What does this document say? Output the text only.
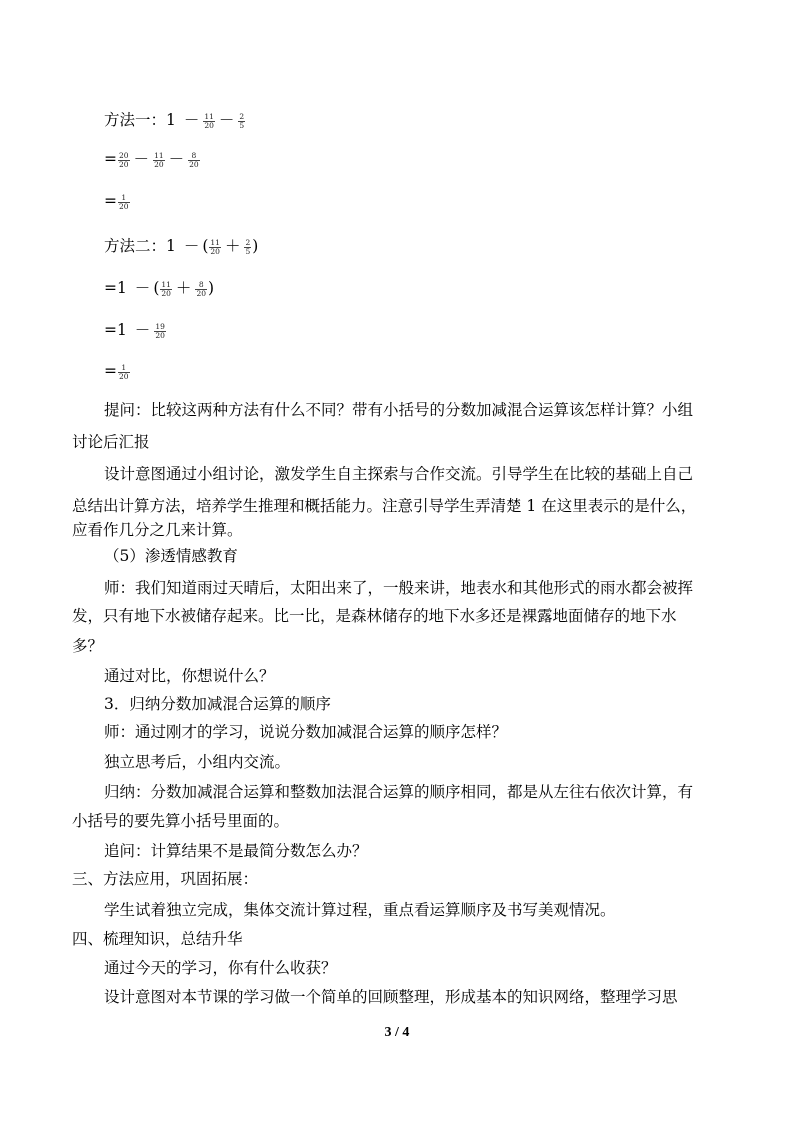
方法一：$1 - \frac{11}{20} - \frac{2}{5}$
= $\frac{20}{20} - \frac{11}{20} - \frac{8}{20}$
= $\frac{1}{20}$
方法二：1 － ( $\frac{11}{20} + \frac{2}{5}$ )
=1 － ( $\frac{11}{20} + \frac{8}{20}$ )
$=1 - \frac{19}{20}$
= $\frac{1}{20}$
提问：比较这两种方法有什么不同？带有小括号的分数加减混合运算该怎样计算？小组
讨论后汇报
设计意图通过小组讨论，激发学生自主探索与合作交流。引导学生在比较的基础上自己
总结出计算方法，培养学生推理和概括能力。注意引导学生弄清楚 1 在这里表示的是什么，
应看作几分之几来计算。
（5）渗透情感教育
师：我们知道雨过天晴后，太阳出来了，一般来讲，地表水和其他形式的雨水都会被挥
发，只有地下水被储存起来。比一比，是森林储存的地下水多还是裸露地面储存的地下水
多？
通过对比，你想说什么？
3．归纳分数加减混合运算的顺序
师：通过刚才的学习，说说分数加减混合运算的顺序怎样？
独立思考后，小组内交流。
归纳：分数加减混合运算和整数加法混合运算的顺序相同，都是从左往右依次计算，有
小括号的要先算小括号里面的。
追问：计算结果不是最简分数怎么办？
三、方法应用，巩固拓展：
学生试着独立完成，集体交流计算过程，重点看运算顺序及书写美观情况。
四、梳理知识，总结升华
通过今天的学习，你有什么收获？
设计意图对本节课的学习做一个简单的回顾整理，形成基本的知识网络，整理学习思
3 / 4
